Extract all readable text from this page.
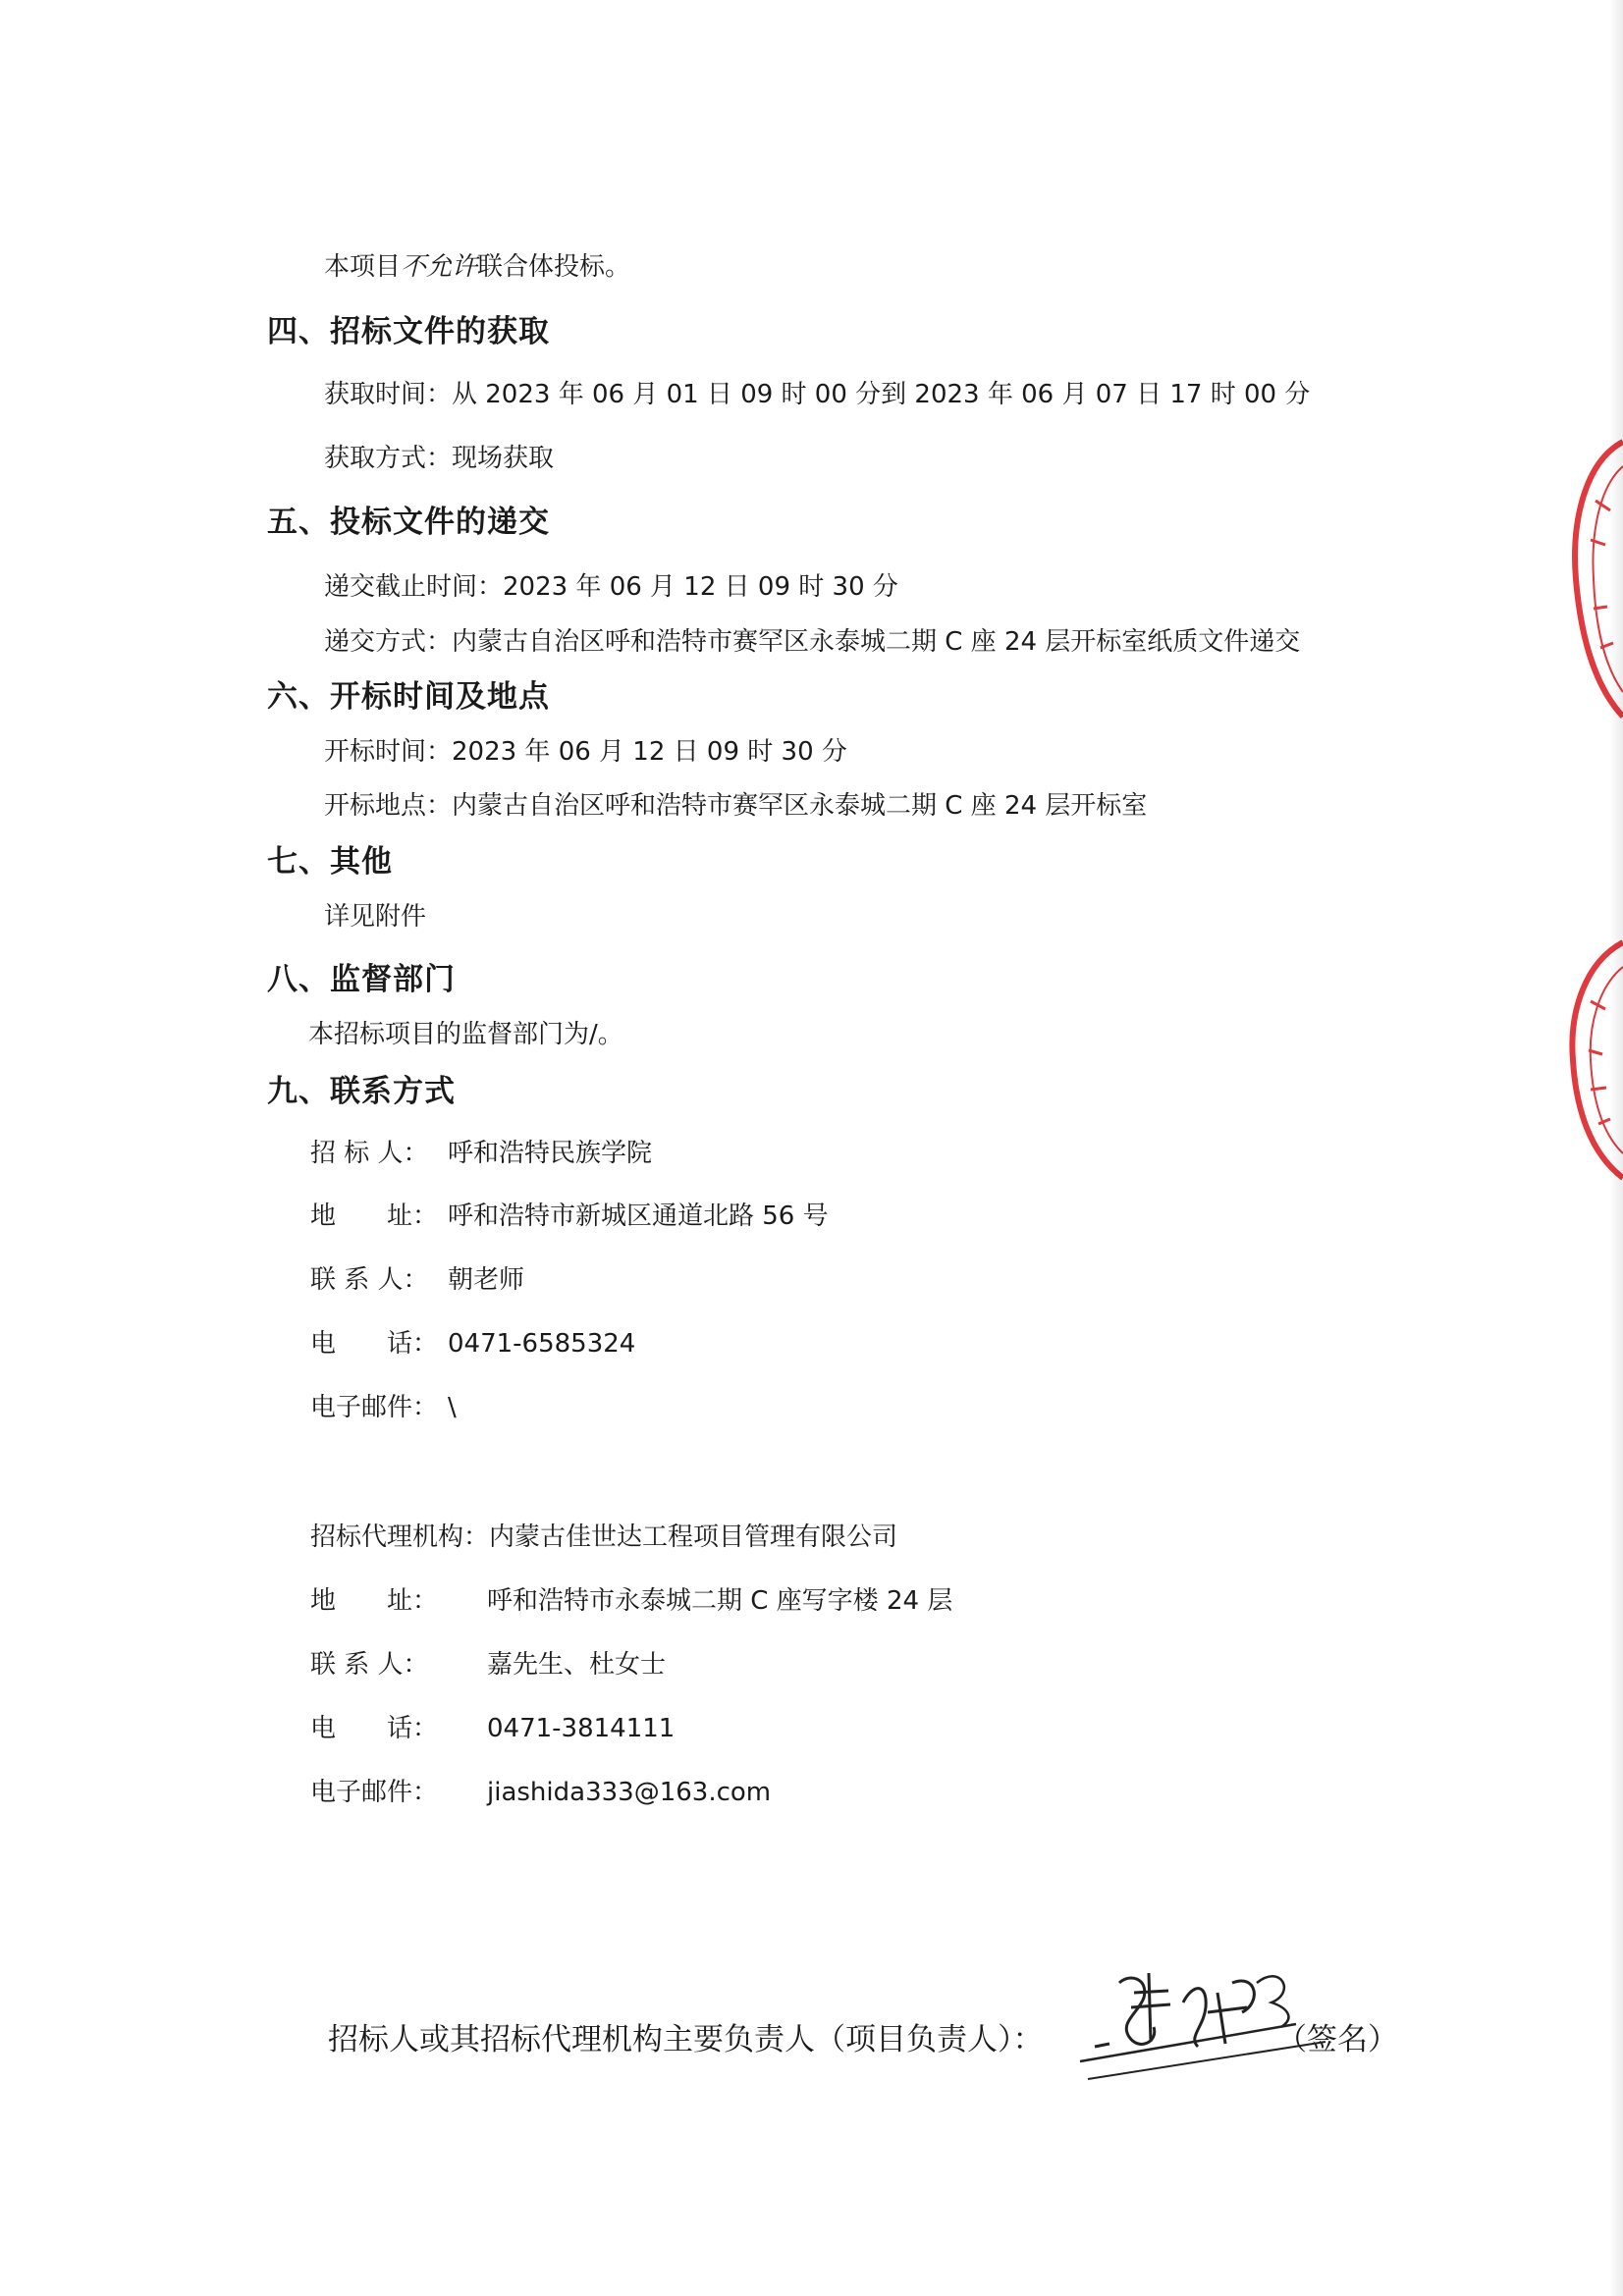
本项目不允许联合体投标。
四、招标文件的获取
获取时间：从 2023 年 06 月 01 日 09 时 00 分到 2023 年 06 月 07 日 17 时 00 分
获取方式：现场获取
五、投标文件的递交
递交截止时间：2023 年 06 月 12 日 09 时 30 分
递交方式：内蒙古自治区呼和浩特市赛罕区永泰城二期 C 座 24 层开标室纸质文件递交
六、开标时间及地点
开标时间：2023 年 06 月 12 日 09 时 30 分
开标地点：内蒙古自治区呼和浩特市赛罕区永泰城二期 C 座 24 层开标室
七、其他
详见附件
八、监督部门
本招标项目的监督部门为/。
九、联系方式
招 标 人： 呼和浩特民族学院
地　　址： 呼和浩特市新城区通道北路 56 号
联 系 人： 朝老师
电　　话： 0471-6585324
电子邮件： \
招标代理机构：内蒙古佳世达工程项目管理有限公司
地　　址： 呼和浩特市永泰城二期 C 座写字楼 24 层
联 系 人： 嘉先生、杜女士
电　　话： 0471-3814111
电子邮件： jiashida333@163.com
招标人或其招标代理机构主要负责人（项目负责人）：	（签名）
